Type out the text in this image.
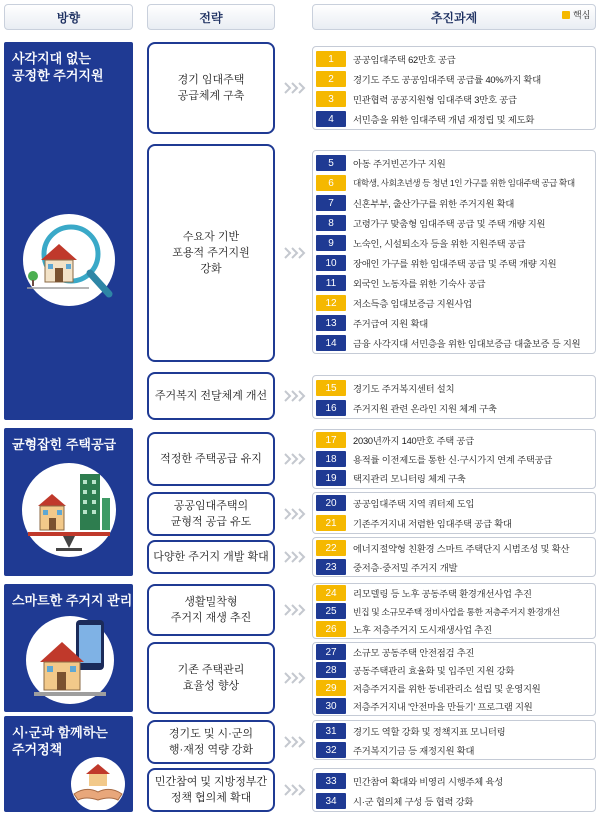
방향	전략	추진과제	핵심
사각지대 없는
공정한 주거지원
균형잡힌 주택공급
스마트한 주거지 관리
시·군과 함께하는
주거정책
경기 임대주택
공급체계 구축
수요자 기반
포용적 주거지원
강화
주거복지 전달체계 개선
적정한 주택공급 유지
공공임대주택의
균형적 공급 유도
다양한 주거지 개발 확대
생활밀착형
주거지 재생 추진
기존 주택관리
효율성 향상
경기도 및 시·군의
행·재정 역량 강화
민간참여 및 지방정부간
정책 협의체 확대
1	공공임대주택 62만호 공급
2	경기도 주도 공공임대주택 공급률 40%까지 확대
3	민관협력 공공지원형 임대주택 3만호 공급
4	서민층을 위한 임대주택 개념 재정립 및 제도화
5	아동 주거빈곤가구 지원
6	대학생, 사회초년생 등 청년 1인 가구를 위한 임대주택 공급 확대
7	신혼부부, 출산가구를 위한 주거지원 확대
8	고령가구 맞춤형 임대주택 공급 및 주택 개량 지원
9	노숙인, 시설퇴소자 등을 위한 지원주택 공급
10	장애인 가구를 위한 임대주택 공급 및 주택 개량 지원
11	외국인 노동자를 위한 기숙사 공급
12	저소득층 임대보증금 지원사업
13	주거급여 지원 확대
14	금융 사각지대 서민층을 위한 임대보증금 대출보증 등 지원
15	경기도 주거복지센터 설치
16	주거지원 관련 온라인 지원 체계 구축
17	2030년까지 140만호 주택 공급
18	용적률 이전제도를 통한 신·구시가지 연계 주택공급
19	택지관리 모니터링 체계 구축
20	공공임대주택 지역 쿼터제 도입
21	기존주거지내 저렴한 임대주택 공급 확대
22	에너지절약형 친환경 스마트 주택단지 시범조성 및 확산
23	중저층·중저밀 주거지 개발
24	리모델링 등 노후 공동주택 환경개선사업 추진
25	빈집 및 소규모주택 정비사업을 통한 저층주거지 환경개선
26	노후 저층주거지 도시재생사업 추진
27	소규모 공동주택 안전점검 추진
28	공동주택관리 효율화 및 입주민 지원 강화
29	저층주거지를 위한 동네관리소 설립 및 운영지원
30	저층주거지내 '안전마을 만들기' 프로그램 지원
31	경기도 역할 강화 및 정책지표 모니터링
32	주거복지기금 등 재정지원 확대
33	민간참여 확대와 비영리 시행주체 육성
34	시·군 협의체 구성 등 협력 강화
